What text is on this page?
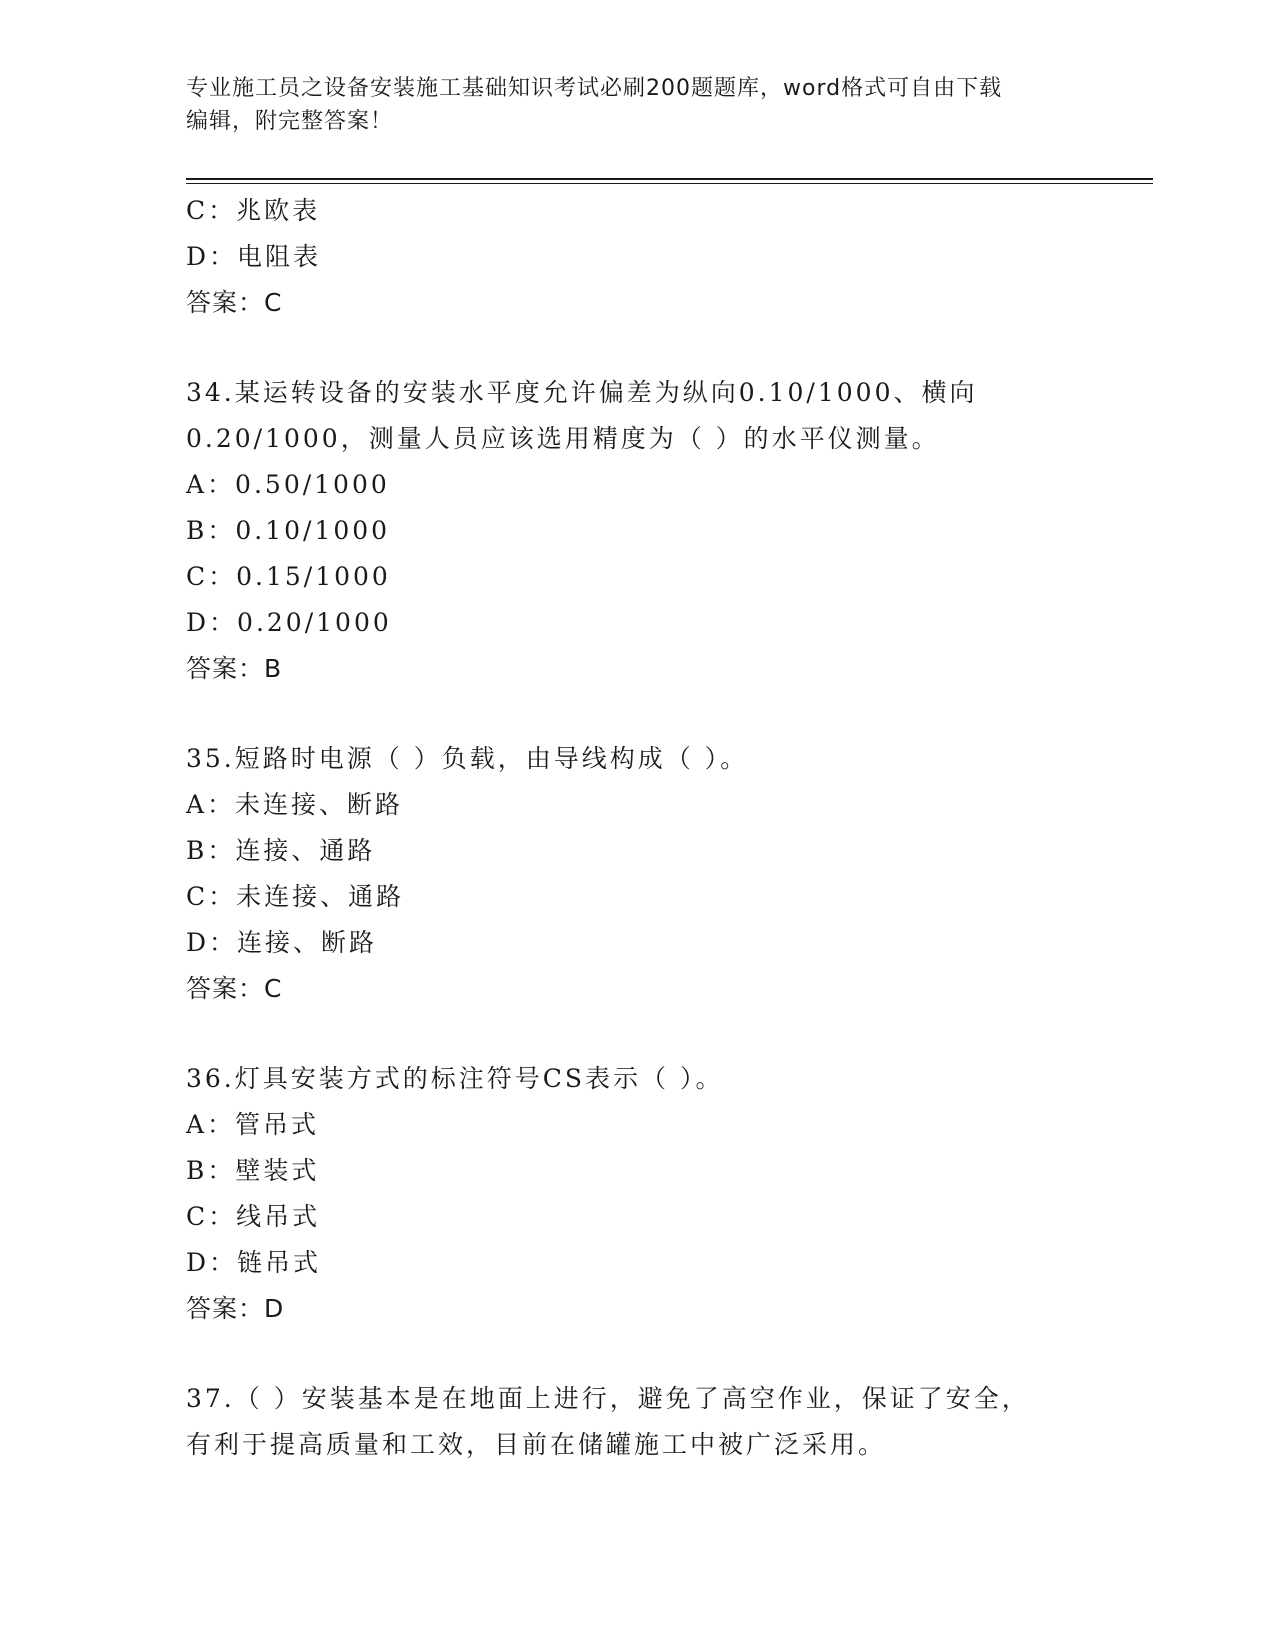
专业施工员之设备安装施工基础知识考试必刷200题题库，word格式可自由下载
编辑，附完整答案！
C：兆欧表
D：电阻表
答案：C
34.某运转设备的安装水平度允许偏差为纵向0.10/1000、横向
0.20/1000，测量人员应该选用精度为（ ）的水平仪测量。
A：0.50/1000
B：0.10/1000
C：0.15/1000
D：0.20/1000
答案：B
35.短路时电源（ ）负载，由导线构成（ ）。
A：未连接、断路
B：连接、通路
C：未连接、通路
D：连接、断路
答案：C
36.灯具安装方式的标注符号CS表示（ ）。
A：管吊式
B：壁装式
C：线吊式
D：链吊式
答案：D
37.（ ）安装基本是在地面上进行，避免了高空作业，保证了安全，
有利于提高质量和工效，目前在储罐施工中被广泛采用。
